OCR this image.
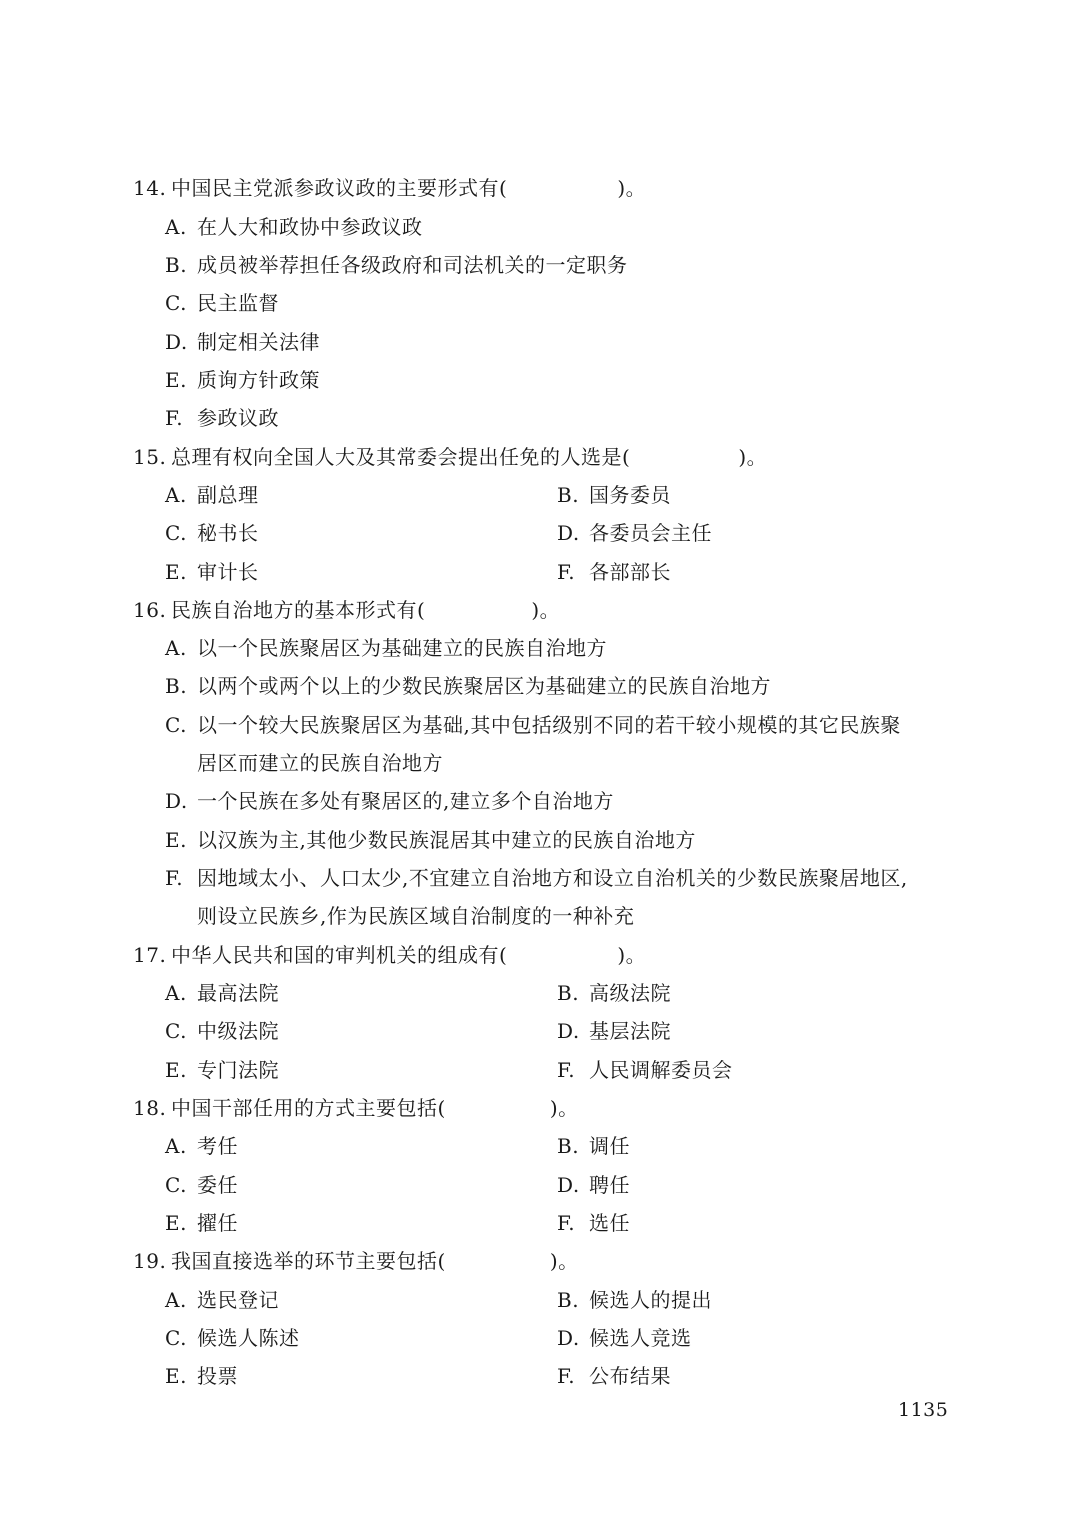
14. 中国民主党派参政议政的主要形式有(	)。
A. 在人大和政协中参政议政
B. 成员被举荐担任各级政府和司法机关的一定职务
C. 民主监督
D. 制定相关法律
E. 质询方针政策
F. 参政议政
15. 总理有权向全国人大及其常委会提出任免的人选是(	)。
A. 副总理	B. 国务委员
C. 秘书长	D. 各委员会主任
E. 审计长	F. 各部部长
16. 民族自治地方的基本形式有(	)。
A. 以一个民族聚居区为基础建立的民族自治地方
B. 以两个或两个以上的少数民族聚居区为基础建立的民族自治地方
C. 以一个较大民族聚居区为基础,其中包括级别不同的若干较小规模的其它民族聚
居区而建立的民族自治地方
D. 一个民族在多处有聚居区的,建立多个自治地方
E. 以汉族为主,其他少数民族混居其中建立的民族自治地方
F. 因地域太小、人口太少,不宜建立自治地方和设立自治机关的少数民族聚居地区,
则设立民族乡,作为民族区域自治制度的一种补充
17. 中华人民共和国的审判机关的组成有(	)。
A. 最高法院	B. 高级法院
C. 中级法院	D. 基层法院
E. 专门法院	F. 人民调解委员会
18. 中国干部任用的方式主要包括(	)。
A. 考任	B. 调任
C. 委任	D. 聘任
E. 擢任	F. 选任
19. 我国直接选举的环节主要包括(	)。
A. 选民登记	B. 候选人的提出
C. 候选人陈述	D. 候选人竞选
E. 投票	F. 公布结果
1135
